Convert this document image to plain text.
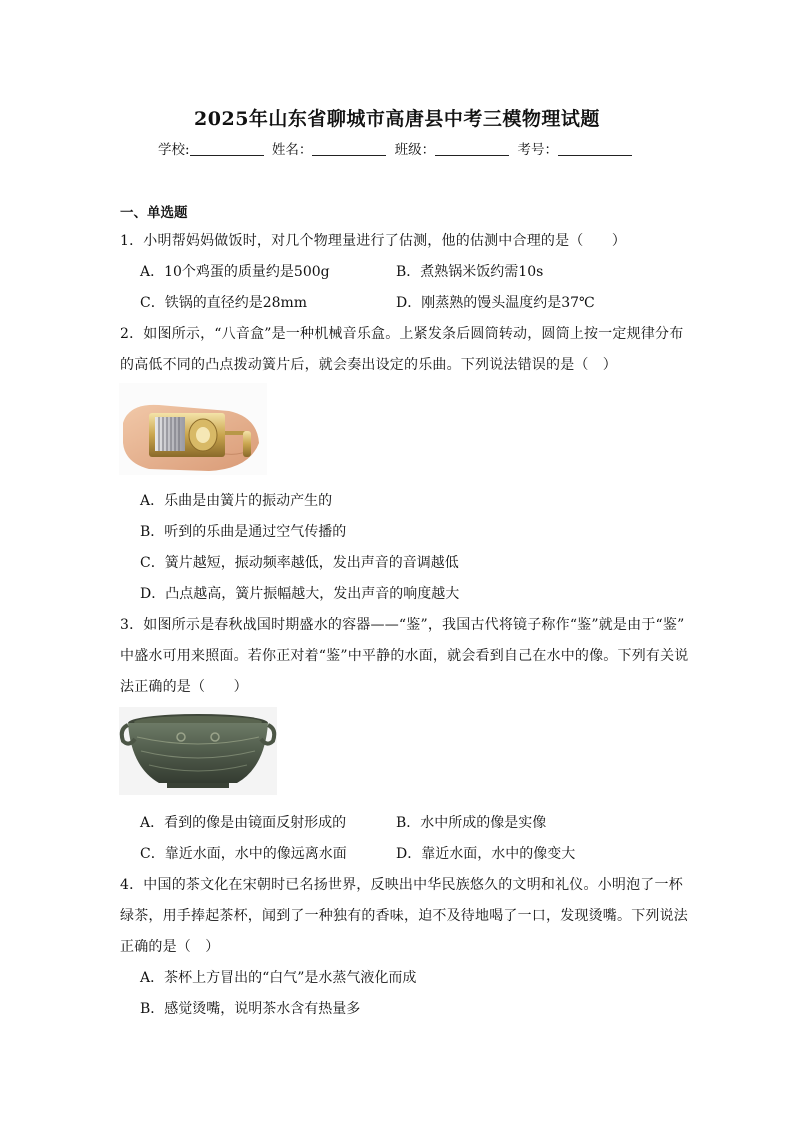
2025年山东省聊城市高唐县中考三模物理试题
学校:	姓名：	班级：	考号：
一、单选题
1．小明帮妈妈做饭时，对几个物理量进行了估测，他的估测中合理的是（　　）
A．10个鸡蛋的质量约是500g	B．煮熟锅米饭约需10s
C．铁锅的直径约是28mm	D．刚蒸熟的馒头温度约是37℃
2．如图所示，“八音盒”是一种机械音乐盒。上紧发条后圆筒转动，圆筒上按一定规律分布
的高低不同的凸点拨动簧片后，就会奏出设定的乐曲。下列说法错误的是（　）
A．乐曲是由簧片的振动产生的
B．听到的乐曲是通过空气传播的
C．簧片越短，振动频率越低，发出声音的音调越低
D．凸点越高，簧片振幅越大，发出声音的响度越大
3．如图所示是春秋战国时期盛水的容器——“鉴”，我国古代将镜子称作“鉴”就是由于“鉴”
中盛水可用来照面。若你正对着“鉴”中平静的水面，就会看到自己在水中的像。下列有关说
法正确的是（　　）
A．看到的像是由镜面反射形成的	B．水中所成的像是实像
C．靠近水面，水中的像远离水面	D．靠近水面，水中的像变大
4．中国的茶文化在宋朝时已名扬世界，反映出中华民族悠久的文明和礼仪。小明泡了一杯
绿茶，用手捧起茶杯，闻到了一种独有的香味，迫不及待地喝了一口，发现烫嘴。下列说法
正确的是（　）
A．茶杯上方冒出的“白气”是水蒸气液化而成
B．感觉烫嘴，说明茶水含有热量多
